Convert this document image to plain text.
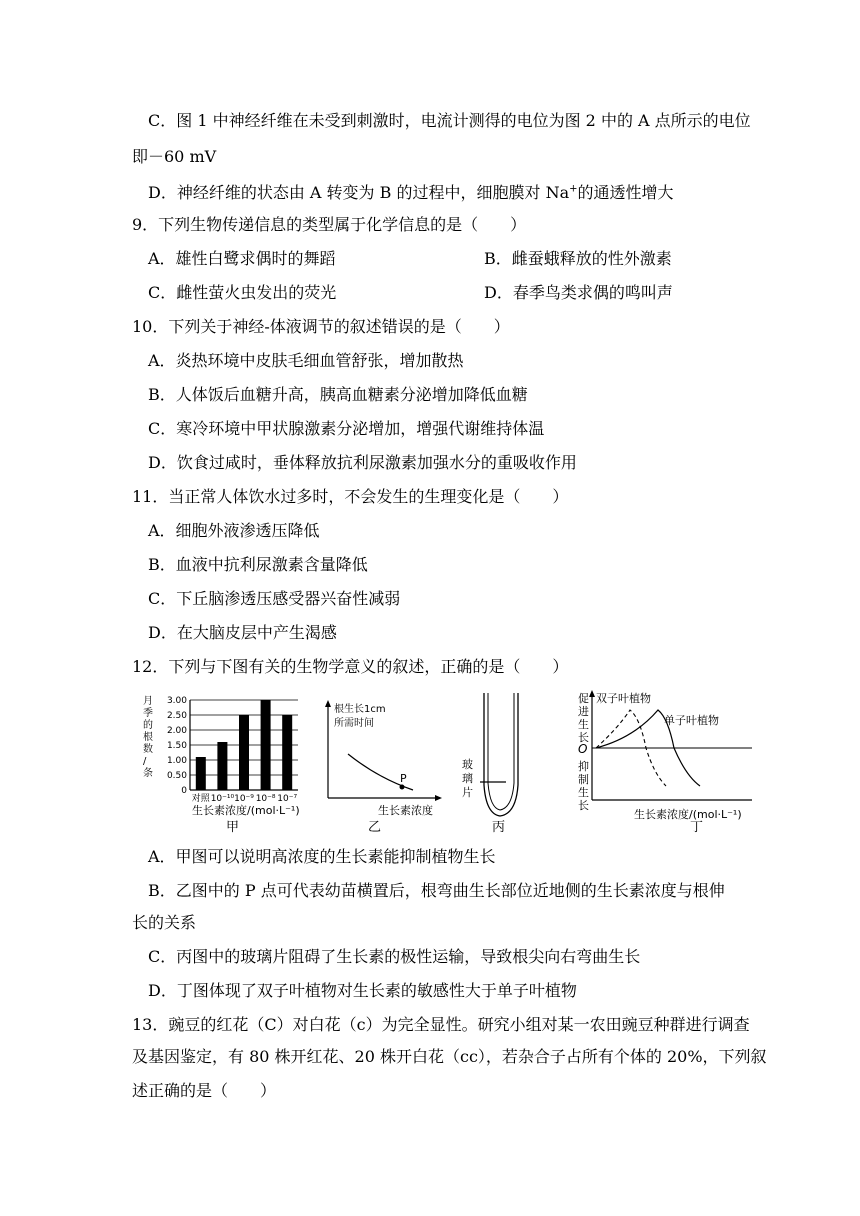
C．图 1 中神经纤维在未受到刺激时，电流计测得的电位为图 2 中的 A 点所示的电位
即－60 mV
D．神经纤维的状态由 A 转变为 B 的过程中，细胞膜对 Na+的通透性增大
9．下列生物传递信息的类型属于化学信息的是（　　）
A．雄性白鹭求偶时的舞蹈	B．雌蚕蛾释放的性外激素
C．雌性萤火虫发出的荧光	D．春季鸟类求偶的鸣叫声
10．下列关于神经-体液调节的叙述错误的是（　　）
A．炎热环境中皮肤毛细血管舒张，增加散热
B．人体饭后血糖升高，胰高血糖素分泌增加降低血糖
C．寒冷环境中甲状腺激素分泌增加，增强代谢维持体温
D．饮食过咸时，垂体释放抗利尿激素加强水分的重吸收作用
11．当正常人体饮水过多时，不会发生的生理变化是（　　）
A．细胞外液渗透压降低
B．血液中抗利尿激素含量降低
C．下丘脑渗透压感受器兴奋性减弱
D．在大脑皮层中产生渴感
12．下列与下图有关的生物学意义的叙述，正确的是（　　）
月
季
的
根
数
/
条
3.00
2.50
2.00
1.50
1.00
0.50
0
对照 10⁻¹⁰ 10⁻⁹ 10⁻⁸ 10⁻⁷
生长素浓度/(mol·L⁻¹)
甲
根生长1cm
所需时间
P
生长素浓度
乙
玻
璃
片
丙
促
进
生
长
O
抑
制
生
长
双子叶植物
单子叶植物
生长素浓度/(mol·L⁻¹)
丁
A．甲图可以说明高浓度的生长素能抑制植物生长
B．乙图中的 P 点可代表幼苗横置后，根弯曲生长部位近地侧的生长素浓度与根伸
长的关系
C．丙图中的玻璃片阻碍了生长素的极性运输，导致根尖向右弯曲生长
D．丁图体现了双子叶植物对生长素的敏感性大于单子叶植物
13．豌豆的红花（C）对白花（c）为完全显性。研究小组对某一农田豌豆种群进行调查
及基因鉴定，有 80 株开红花、20 株开白花（cc），若杂合子占所有个体的 20%，下列叙
述正确的是（　　）
